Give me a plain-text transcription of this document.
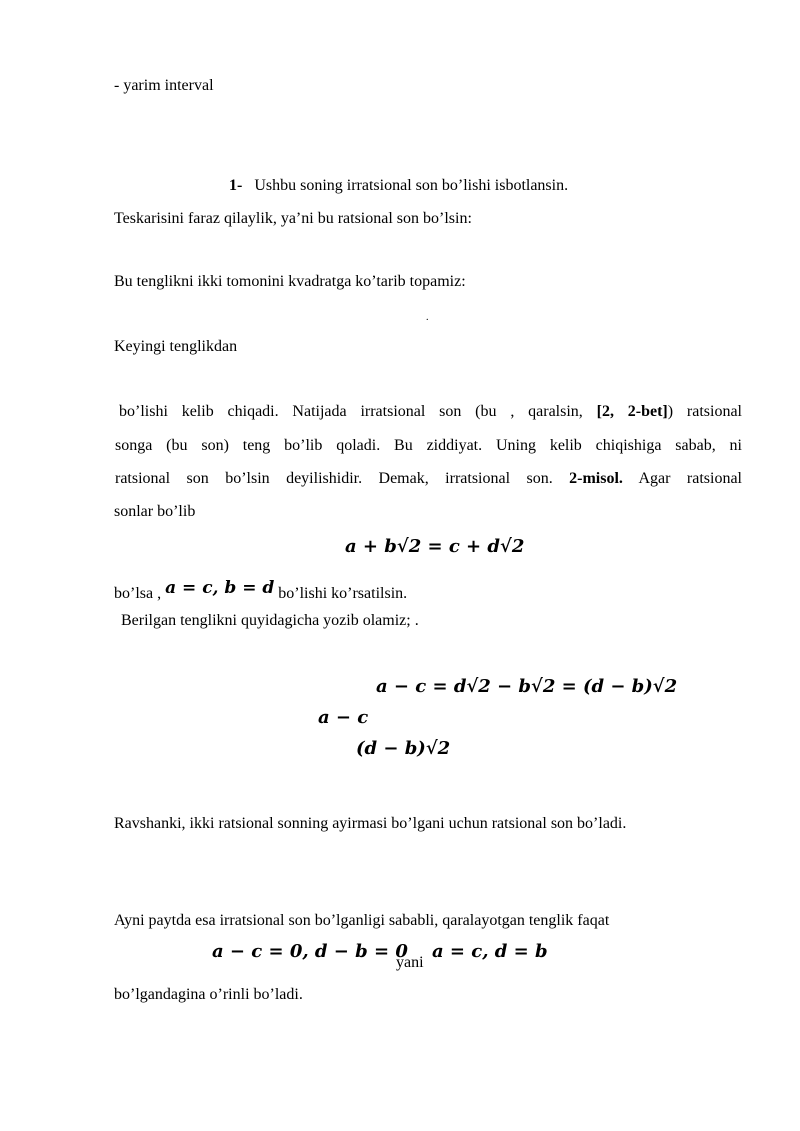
- yarim interval
1- Ushbu soning irratsional son bo’lishi isbotlansin.
Teskarisini faraz qilaylik, ya’ni bu ratsional son bo’lsin:
Bu tenglikni ikki tomonini kvadratga ko’tarib topamiz:
.
Keyingi tenglikdan
bo’lishi kelib chiqadi. Natijada irratsional son (bu , qaralsin, [2, 2-bet]) ratsional
songa (bu son) teng bo’lib qoladi. Bu ziddiyat. Uning kelib chiqishiga sabab, ni
ratsional son bo’lsin deyilishidir. Demak, irratsional son. 2-misol. Agar ratsional
sonlar bo’lib
a + b√2 = c + d√2
bo’lsa , a = c, b = d bo’lishi ko’rsatilsin.
Berilgan tenglikni quyidagicha yozib olamiz; .
a − c = d√2 − b√2 = (d − b)√2
a − c
(d − b)√2
Ravshanki, ikki ratsional sonning ayirmasi bo’lgani uchun ratsional son bo’ladi.
Ayni paytda esa irratsional son bo’lganligi sababli, qaralayotgan tenglik faqat
a − c = 0, d − b = 0
yani
a = c, d = b
bo’lgandagina o’rinli bo’ladi.
